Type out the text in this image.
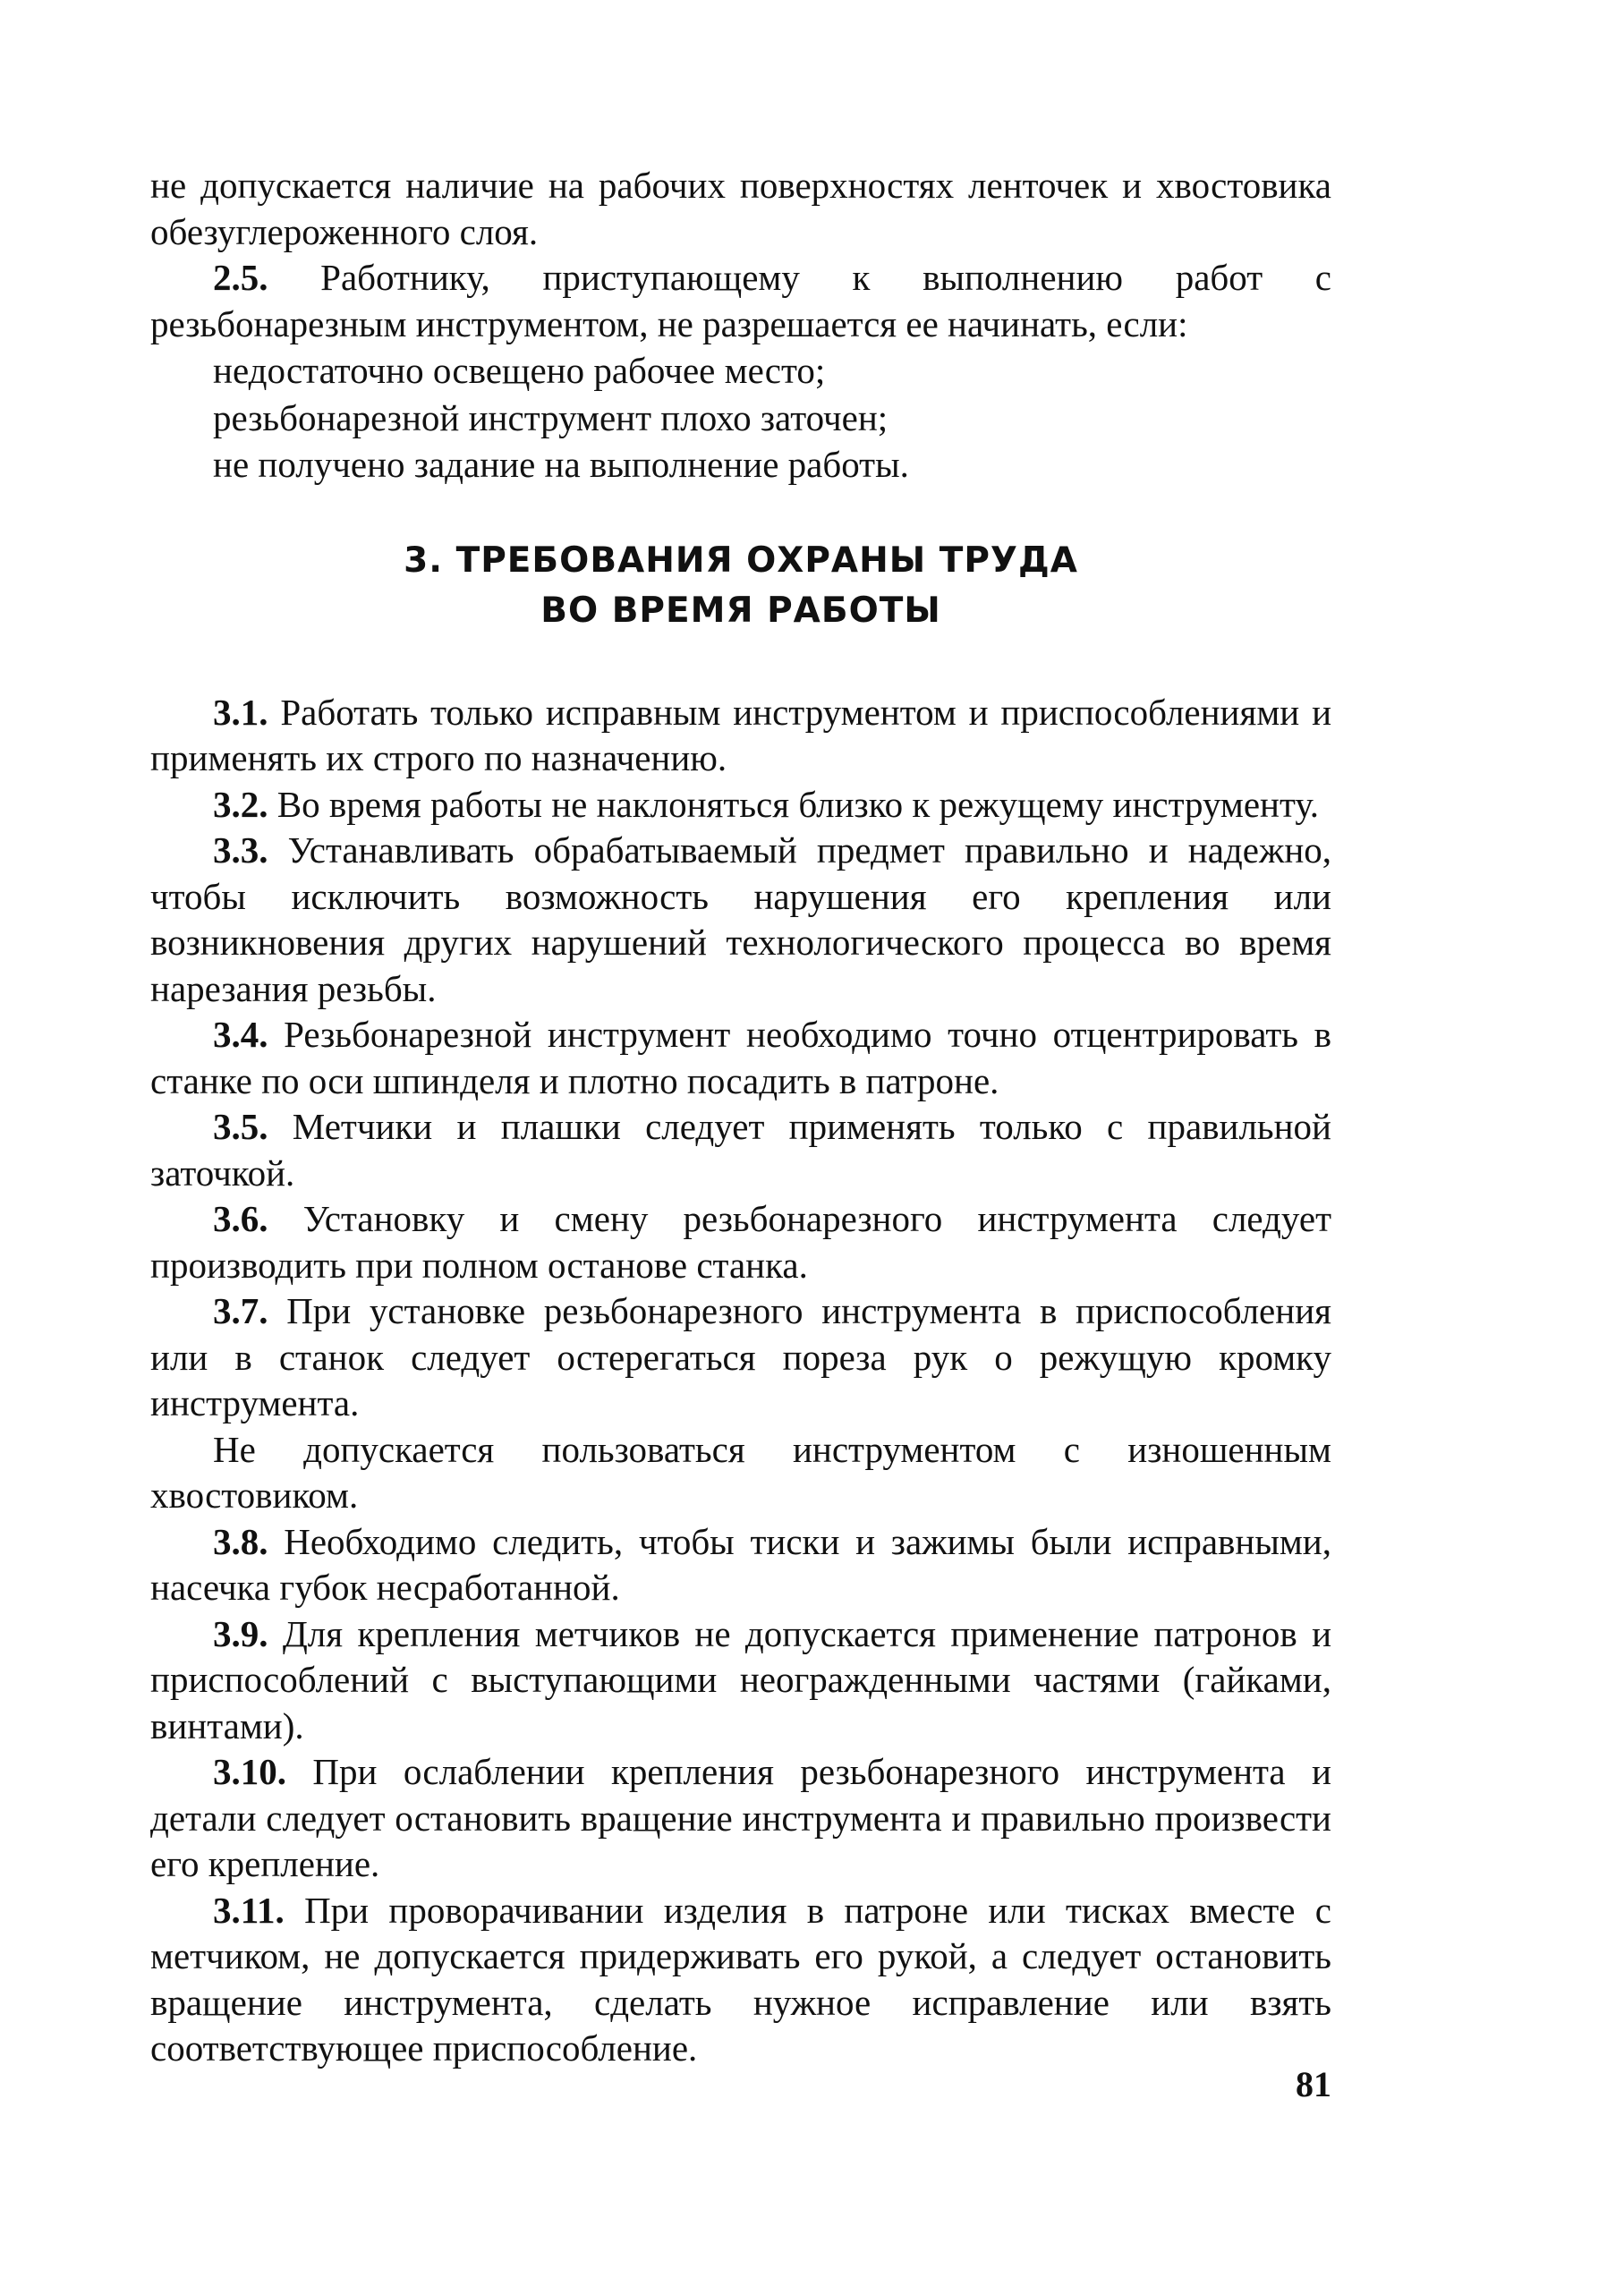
не допускается наличие на рабочих поверхностях ленточек и хвостовика обезуглероженного слоя.

2.5. Работнику, приступающему к выполнению работ с резьбонарезным инструментом, не разрешается ее начинать, если:

недостаточно освещено рабочее место;

резьбонарезной инструмент плохо заточен;

не получено задание на выполнение работы.

3. ТРЕБОВАНИЯ ОХРАНЫ ТРУДА
ВО ВРЕМЯ РАБОТЫ

3.1. Работать только исправным инструментом и приспособлениями и применять их строго по назначению.

3.2. Во время работы не наклоняться близко к режущему инструменту.

3.3. Устанавливать обрабатываемый предмет правильно и надежно, чтобы исключить возможность нарушения его крепления или возникновения других нарушений технологического процесса во время нарезания резьбы.

3.4. Резьбонарезной инструмент необходимо точно отцентрировать в станке по оси шпинделя и плотно посадить в патроне.

3.5. Метчики и плашки следует применять только с правильной заточкой.

3.6. Установку и смену резьбонарезного инструмента следует производить при полном останове станка.

3.7. При установке резьбонарезного инструмента в приспособления или в станок следует остерегаться пореза рук о режущую кромку инструмента.

Не допускается пользоваться инструментом с изношенным хвостовиком.

3.8. Необходимо следить, чтобы тиски и зажимы были исправными, насечка губок несработанной.

3.9. Для крепления метчиков не допускается применение патронов и приспособлений с выступающими неогражденными частями (гайками, винтами).

3.10. При ослаблении крепления резьбонарезного инструмента и детали следует остановить вращение инструмента и правильно произвести его крепление.

3.11. При проворачивании изделия в патроне или тисках вместе с метчиком, не допускается придерживать его рукой, а следует остановить вращение инструмента, сделать нужное исправление или взять соответствующее приспособление.

81
